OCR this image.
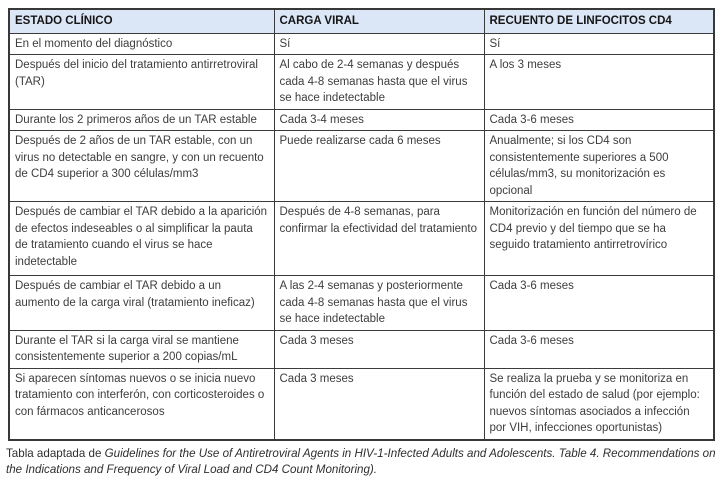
ESTADO CLÍNICO	CARGA VIRAL	RECUENTO DE LINFOCITOS CD4
En el momento del diagnóstico	Sí	Sí
Después del inicio del tratamiento antirretroviral (TAR)	Al cabo de 2-4 semanas y después cada 4-8 semanas hasta que el virus se hace indetectable	A los 3 meses
Durante los 2 primeros años de un TAR estable	Cada 3-4 meses	Cada 3-6 meses
Después de 2 años de un TAR estable, con un virus no detectable en sangre, y con un recuento de CD4 superior a 300 células/mm3	Puede realizarse cada 6 meses	Anualmente; si los CD4 son consistentemente superiores a 500 células/mm3, su monitorización es opcional
Después de cambiar el TAR debido a la aparición de efectos indeseables o al simplificar la pauta de tratamiento cuando el virus se hace indetectable	Después de 4-8 semanas, para confirmar la efectividad del tratamiento	Monitorización en función del número de CD4 previo y del tiempo que se ha seguido tratamiento antirretrovírico
Después de cambiar el TAR debido a un aumento de la carga viral (tratamiento ineficaz)	A las 2-4 semanas y posteriormente cada 4-8 semanas hasta que el virus se hace indetectable	Cada 3-6 meses
Durante el TAR si la carga viral se mantiene consistentemente superior a 200 copias/mL	Cada 3 meses	Cada 3-6 meses
Si aparecen síntomas nuevos o se inicia nuevo tratamiento con interferón, con corticosteroides o con fármacos anticancerosos	Cada 3 meses	Se realiza la prueba y se monitoriza en función del estado de salud (por ejemplo: nuevos síntomas asociados a infección por VIH, infecciones oportunistas)

Tabla adaptada de Guidelines for the Use of Antiretroviral Agents in HIV-1-Infected Adults and Adolescents. Table 4. Recommendations on the Indications and Frequency of Viral Load and CD4 Count Monitoring).
